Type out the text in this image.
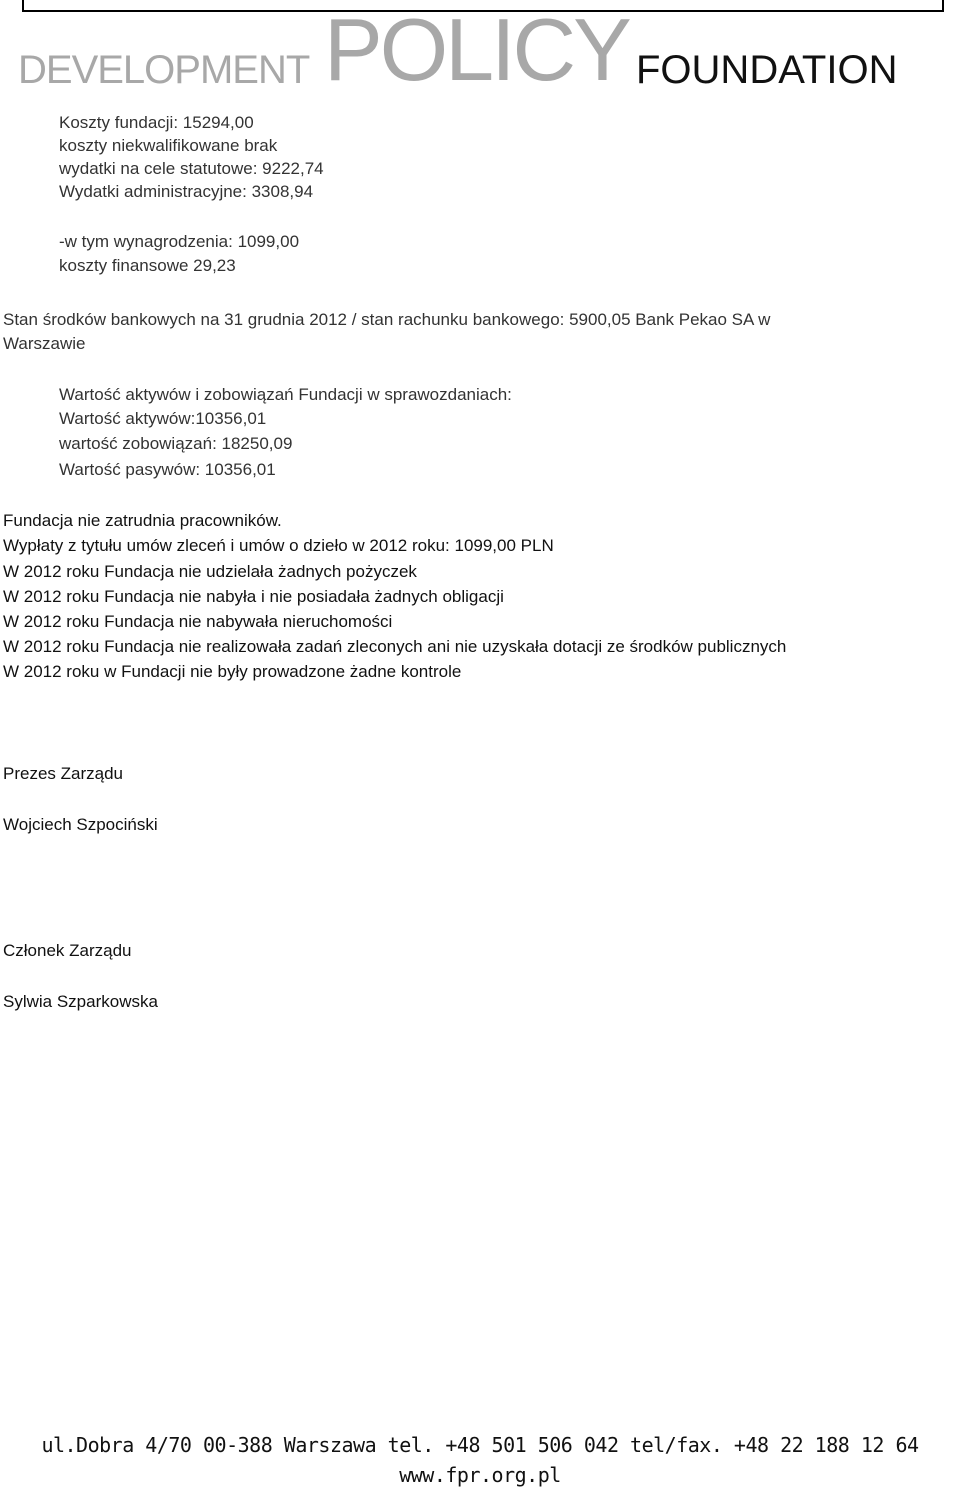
DEVELOPMENT POLICY FOUNDATION
Koszty fundacji: 15294,00
koszty niekwalifikowane brak
wydatki na cele statutowe: 9222,74
Wydatki administracyjne: 3308,94
-w tym wynagrodzenia: 1099,00
koszty finansowe 29,23
Stan środków bankowych na 31 grudnia 2012 / stan rachunku bankowego: 5900,05 Bank Pekao SA w
Warszawie
Wartość aktywów i zobowiązań Fundacji w sprawozdaniach:
Wartość aktywów:10356,01
wartość zobowiązań: 18250,09
Wartość pasywów: 10356,01
Fundacja nie zatrudnia pracowników.
Wypłaty z tytułu umów zleceń i umów o dzieło w 2012 roku: 1099,00 PLN
W 2012 roku Fundacja nie udzielała żadnych pożyczek
W 2012 roku Fundacja nie nabyła i nie posiadała żadnych obligacji
W 2012 roku Fundacja nie nabywała nieruchomości
W 2012 roku Fundacja nie realizowała zadań zleconych ani nie uzyskała dotacji ze środków publicznych
W 2012 roku w Fundacji nie były prowadzone żadne kontrole
Prezes Zarządu
Wojciech Szpociński
Członek Zarządu
Sylwia Szparkowska
ul.Dobra 4/70 00-388 Warszawa tel. +48 501 506 042 tel/fax. +48 22 188 12 64
www.fpr.org.pl
